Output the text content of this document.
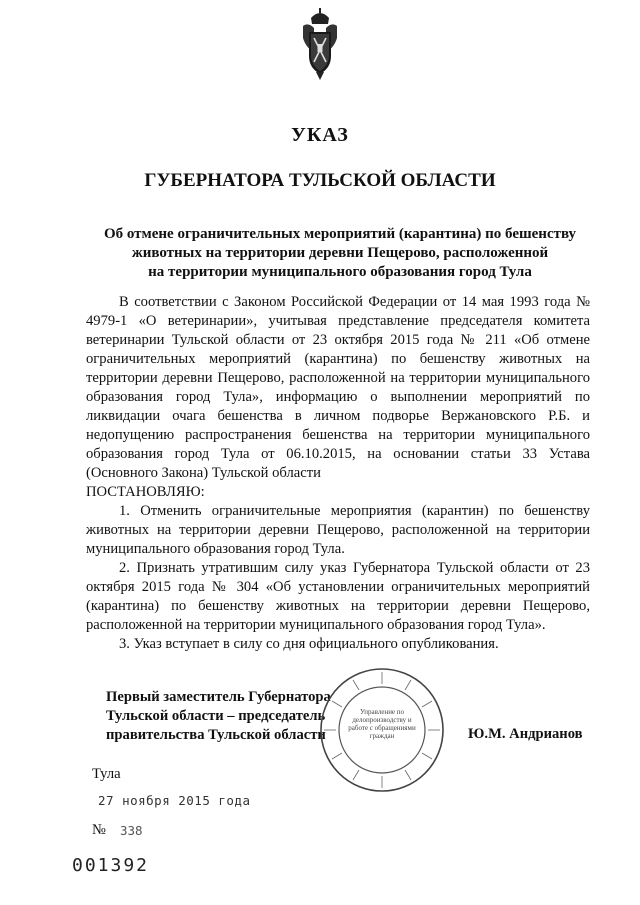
УКАЗ
ГУБЕРНАТОРА ТУЛЬСКОЙ ОБЛАСТИ
Об отмене ограничительных мероприятий (карантина) по бешенству
животных на территории деревни Пещерово, расположенной
на территории муниципального образования город Тула

В соответствии с Законом Российской Федерации от 14 мая 1993 года № 4979-1 «О ветеринарии», учитывая представление председателя комитета ветеринарии Тульской области от 23 октября 2015 года № 211 «Об отмене ограничительных мероприятий (карантина) по бешенству животных на территории деревни Пещерово, расположенной на территории муниципального образования город Тула», информацию о выполнении мероприятий по ликвидации очага бешенства в личном подворье Вержановского Р.Б. и недопущению распространения бешенства на территории муниципального образования город Тула от 06.10.2015, на основании статьи 33 Устава (Основного Закона) Тульской области

ПОСТАНОВЛЯЮ:

1. Отменить ограничительные мероприятия (карантин) по бешенству животных на территории деревни Пещерово, расположенной на территории муниципального образования город Тула.

2. Признать утратившим силу указ Губернатора Тульской области от 23 октября 2015 года № 304 «Об установлении ограничительных мероприятий (карантина) по бешенству животных на территории деревни Пещерово, расположенной на территории муниципального образования город Тула».

3. Указ вступает в силу со дня официального опубликования.

Первый заместитель Губернатора
Тульской области – председатель
правительства Тульской области
Управление по делопроизводству и работе с обращениями граждан	Ю.М. Андрианов
Тула
27 ноября 2015 года
№ 338
001392
